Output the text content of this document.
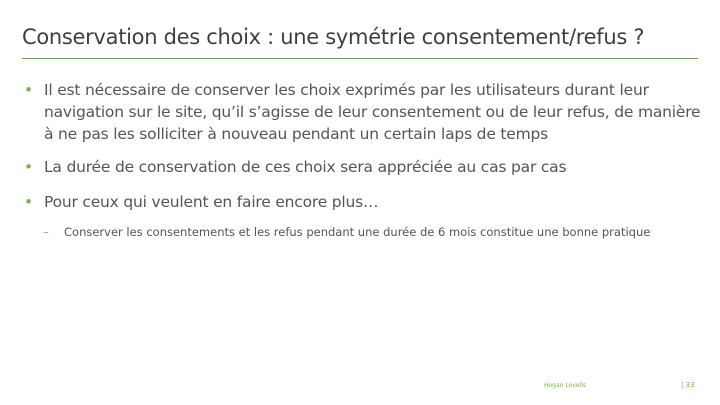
Conservation des choix : une symétrie consentement/refus ?
• Il est nécessaire de conserver les choix exprimés par les utilisateurs durant leur navigation sur le site, qu’il s’agisse de leur consentement ou de leur refus, de manière à ne pas les solliciter à nouveau pendant un certain laps de temps
• La durée de conservation de ces choix sera appréciée au cas par cas
• Pour ceux qui veulent en faire encore plus…
–	Conserver les consentements et les refus pendant une durée de 6 mois constitue une bonne pratique
Hogan Lovells	| 33
